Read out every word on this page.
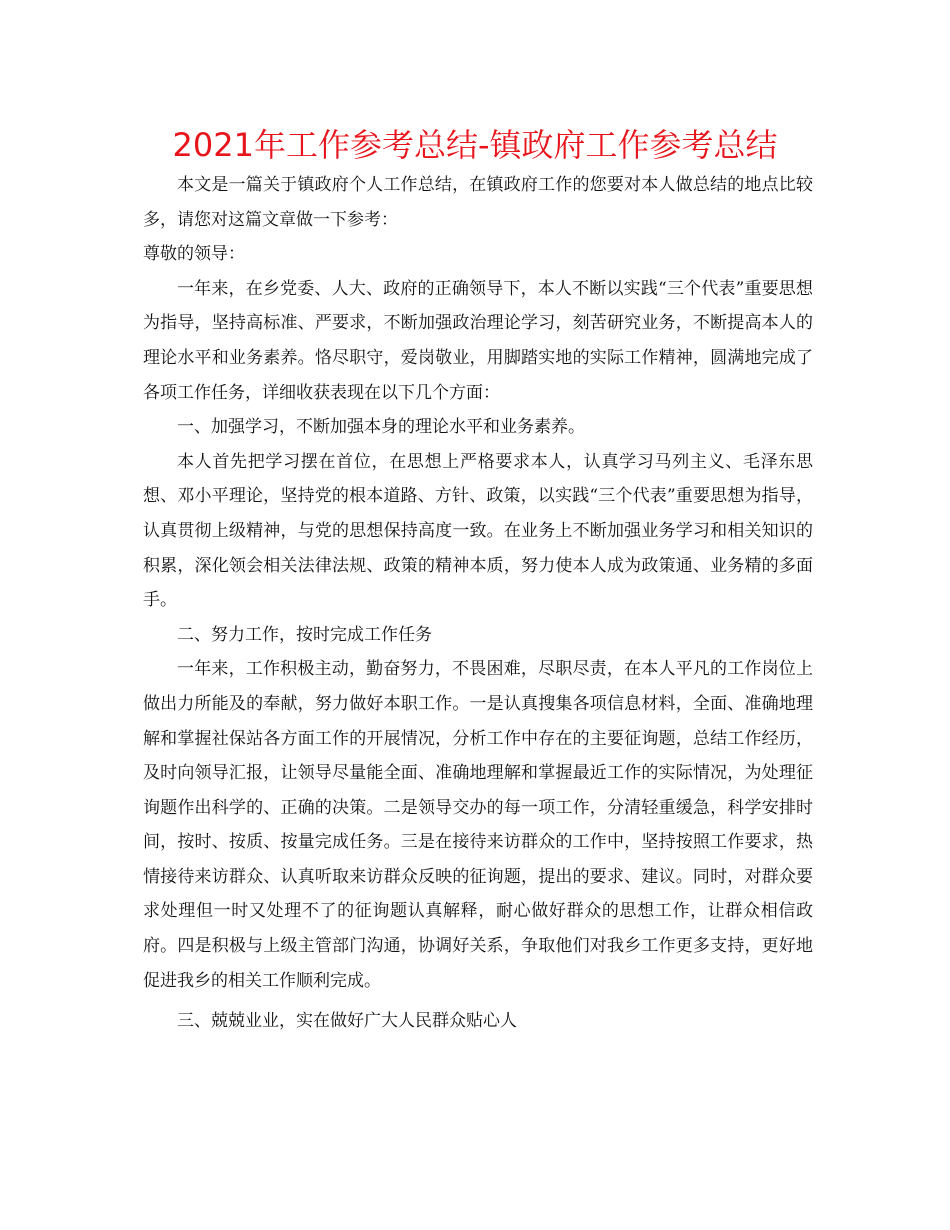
2021年工作参考总结-镇政府工作参考总结

本文是一篇关于镇政府个人工作总结，在镇政府工作的您要对本人做总结的地点比较多，请您对这篇文章做一下参考：

尊敬的领导：

一年来，在乡党委、人大、政府的正确领导下，本人不断以实践“三个代表”重要思想为指导，坚持高标准、严要求，不断加强政治理论学习，刻苦研究业务，不断提高本人的理论水平和业务素养。恪尽职守，爱岗敬业，用脚踏实地的实际工作精神，圆满地完成了各项工作任务，详细收获表现在以下几个方面：

一、加强学习，不断加强本身的理论水平和业务素养。

本人首先把学习摆在首位，在思想上严格要求本人，认真学习马列主义、毛泽东思想、邓小平理论，坚持党的根本道路、方针、政策，以实践“三个代表”重要思想为指导，认真贯彻上级精神，与党的思想保持高度一致。在业务上不断加强业务学习和相关知识的积累，深化领会相关法律法规、政策的精神本质，努力使本人成为政策通、业务精的多面手。

二、努力工作，按时完成工作任务

一年来，工作积极主动，勤奋努力，不畏困难，尽职尽责，在本人平凡的工作岗位上做出力所能及的奉献，努力做好本职工作。一是认真搜集各项信息材料，全面、准确地理解和掌握社保站各方面工作的开展情况，分析工作中存在的主要征询题，总结工作经历，及时向领导汇报，让领导尽量能全面、准确地理解和掌握最近工作的实际情况，为处理征询题作出科学的、正确的决策。二是领导交办的每一项工作，分清轻重缓急，科学安排时间，按时、按质、按量完成任务。三是在接待来访群众的工作中，坚持按照工作要求，热情接待来访群众、认真听取来访群众反映的征询题，提出的要求、建议。同时，对群众要求处理但一时又处理不了的征询题认真解释，耐心做好群众的思想工作，让群众相信政府。四是积极与上级主管部门沟通，协调好关系，争取他们对我乡工作更多支持，更好地促进我乡的相关工作顺利完成。

三、兢兢业业，实在做好广大人民群众贴心人
